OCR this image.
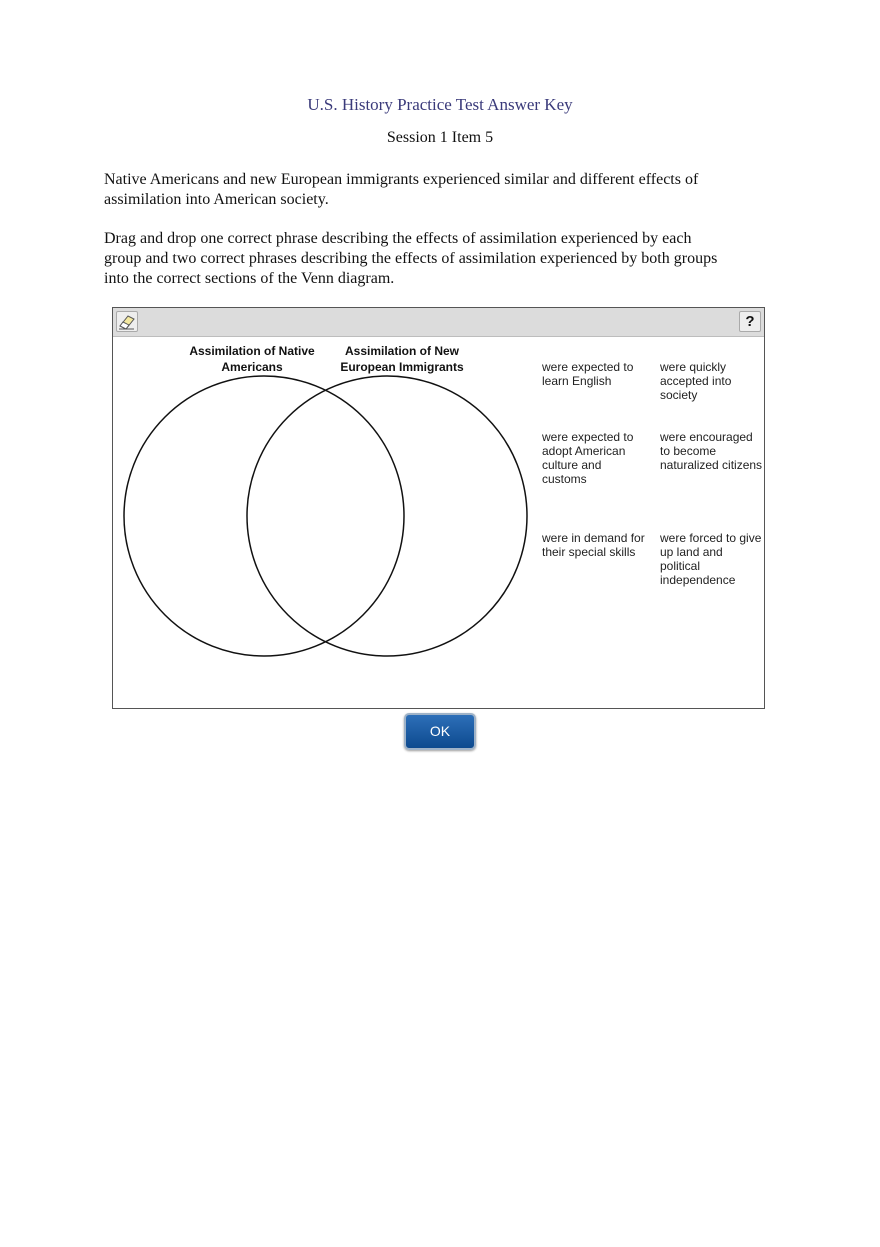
U.S. History Practice Test Answer Key
Session 1 Item 5

Native Americans and new European immigrants experienced similar and different effects of assimilation into American society.

Drag and drop one correct phrase describing the effects of assimilation experienced by each group and two correct phrases describing the effects of assimilation experienced by both groups into the correct sections of the Venn diagram.

?
Assimilation of Native Americans
Assimilation of New European Immigrants	were expected to learn English
were quickly accepted into society
were expected to adopt American culture and customs
were encouraged to become naturalized citizens
were in demand for their special skills
were forced to give up land and political independence
OK
